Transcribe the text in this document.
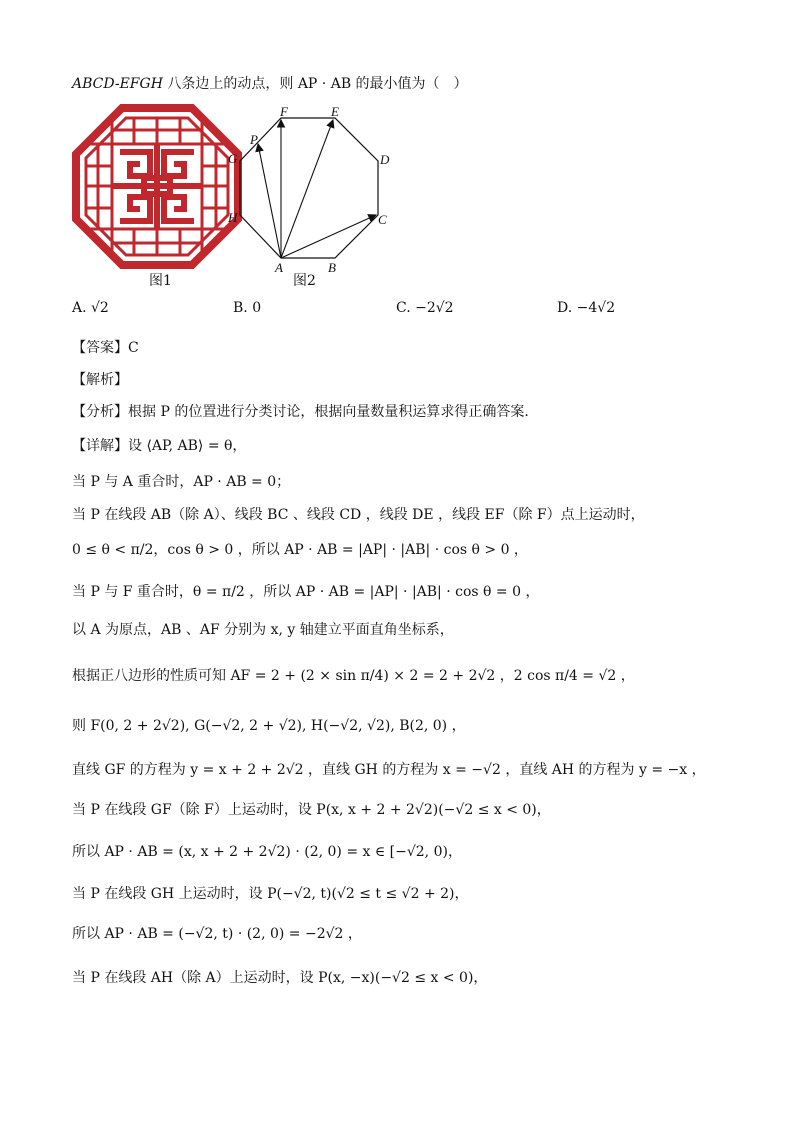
ABCD-EFGH 八条边上的动点，则 AP · AB 的最小值为（　）
图1
A	B
C
D
E
F
G
H
P
图2
A. √2	B. 0	C. −2√2	D. −4√2
【答案】C
【解析】
【分析】根据 P 的位置进行分类讨论，根据向量数量积运算求得正确答案.
【详解】设 ⟨AP, AB⟩ = θ，
当 P 与 A 重合时，AP · AB = 0；
当 P 在线段 AB（除 A）、线段 BC 、线段 CD ，线段 DE ，线段 EF（除 F）点上运动时，
0 ≤ θ < π/2，cos θ > 0 ，所以 AP · AB = |AP| · |AB| · cos θ > 0 ，
当 P 与 F 重合时，θ = π/2 ，所以 AP · AB = |AP| · |AB| · cos θ = 0 ，
以 A 为原点，AB 、AF 分别为 x, y 轴建立平面直角坐标系，
根据正八边形的性质可知 AF = 2 + (2 × sin π/4) × 2 = 2 + 2√2 ，2 cos π/4 = √2 ，
则 F(0, 2 + 2√2), G(−√2, 2 + √2), H(−√2, √2), B(2, 0) ，
直线 GF 的方程为 y = x + 2 + 2√2 ，直线 GH 的方程为 x = −√2 ，直线 AH 的方程为 y = −x ，
当 P 在线段 GF（除 F）上运动时，设 P(x, x + 2 + 2√2)(−√2 ≤ x < 0)，
所以 AP · AB = (x, x + 2 + 2√2) · (2, 0) = x ∈ [−√2, 0)，
当 P 在线段 GH 上运动时，设 P(−√2, t)(√2 ≤ t ≤ √2 + 2)，
所以 AP · AB = (−√2, t) · (2, 0) = −2√2 ，
当 P 在线段 AH（除 A）上运动时，设 P(x, −x)(−√2 ≤ x < 0)，
